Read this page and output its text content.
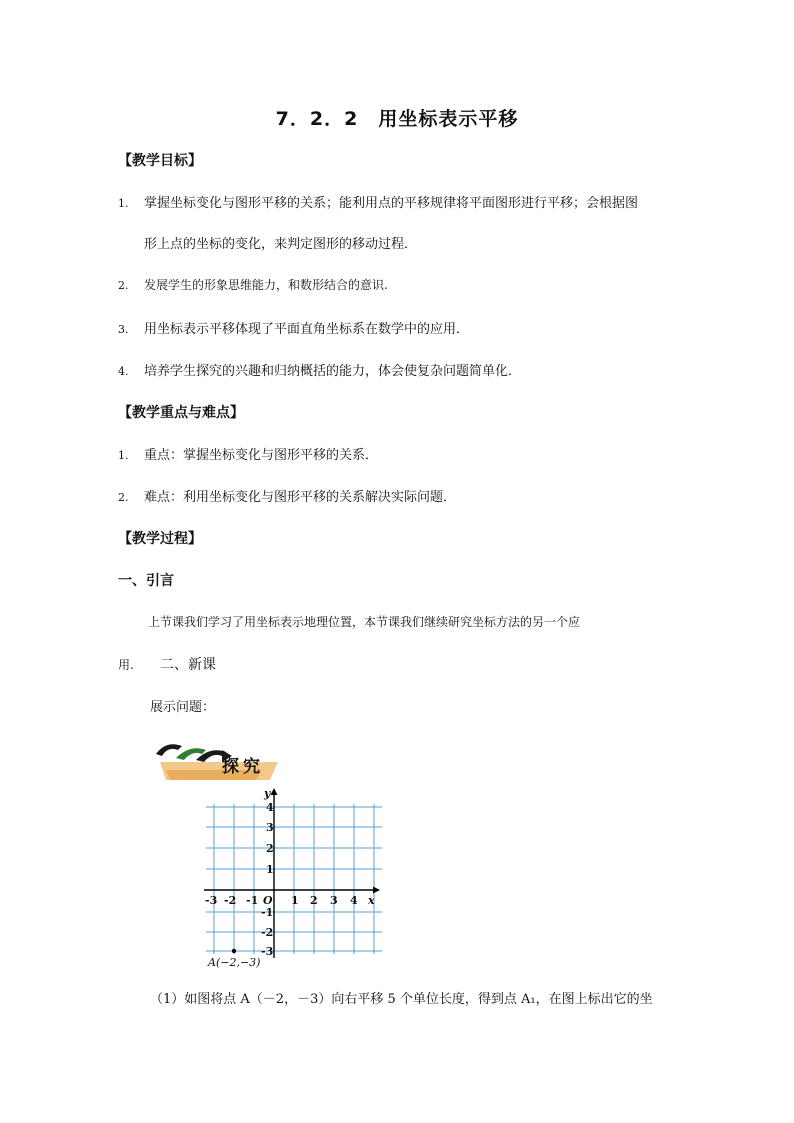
7．2．2　用坐标表示平移
【教学目标】
1. 掌握坐标变化与图形平移的关系；能利用点的平移规律将平面图形进行平移；会根据图
形上点的坐标的变化，来判定图形的移动过程．
2. 发展学生的形象思维能力，和数形结合的意识.
3. 用坐标表示平移体现了平面直角坐标系在数学中的应用．
4. 培养学生探究的兴趣和归纳概括的能力，体会使复杂问题简单化．
【教学重点与难点】
1. 重点：掌握坐标变化与图形平移的关系．
2. 难点：利用坐标变化与图形平移的关系解决实际问题．
【教学过程】
一、引言
上节课我们学习了用坐标表示地理位置，本节课我们继续研究坐标方法的另一个应
用. 二、新课
展示问题：
探究
-3 -2 -1	1 2 3 4
4
3
2
1
-1
-2
-3
O	x
y
A(−2,−3)
（1）如图将点 A（－2，－3）向右平移 5 个单位长度，得到点 A₁，在图上标出它的坐
